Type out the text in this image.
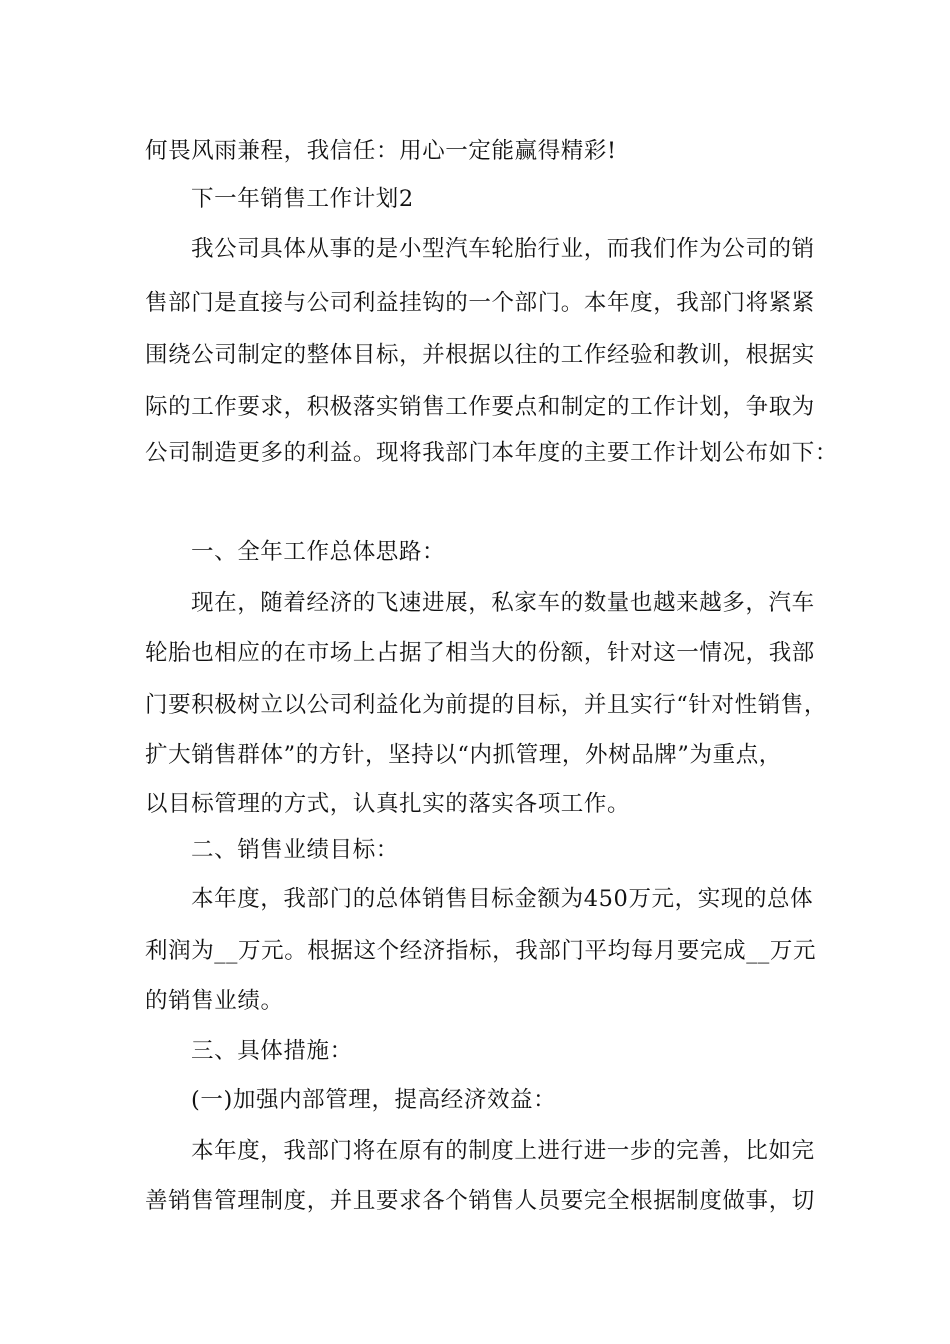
何畏风雨兼程，我信任：用心一定能赢得精彩!
下一年销售工作计划2
我公司具体从事的是小型汽车轮胎行业，而我们作为公司的销
售部门是直接与公司利益挂钩的一个部门。本年度，我部门将紧紧
围绕公司制定的整体目标，并根据以往的工作经验和教训，根据实
际的工作要求，积极落实销售工作要点和制定的工作计划，争取为
公司制造更多的利益。现将我部门本年度的主要工作计划公布如下：
一、全年工作总体思路：
现在，随着经济的飞速进展，私家车的数量也越来越多，汽车
轮胎也相应的在市场上占据了相当大的份额，针对这一情况，我部
门要积极树立以公司利益化为前提的目标，并且实行“针对性销售，
扩大销售群体”的方针，坚持以“内抓管理，外树品牌”为重点，
以目标管理的方式，认真扎实的落实各项工作。
二、销售业绩目标：
本年度，我部门的总体销售目标金额为450万元，实现的总体
利润为__万元。根据这个经济指标，我部门平均每月要完成__万元
的销售业绩。
三、具体措施：
(一)加强内部管理，提高经济效益：
本年度，我部门将在原有的制度上进行进一步的完善，比如完
善销售管理制度，并且要求各个销售人员要完全根据制度做事，切
